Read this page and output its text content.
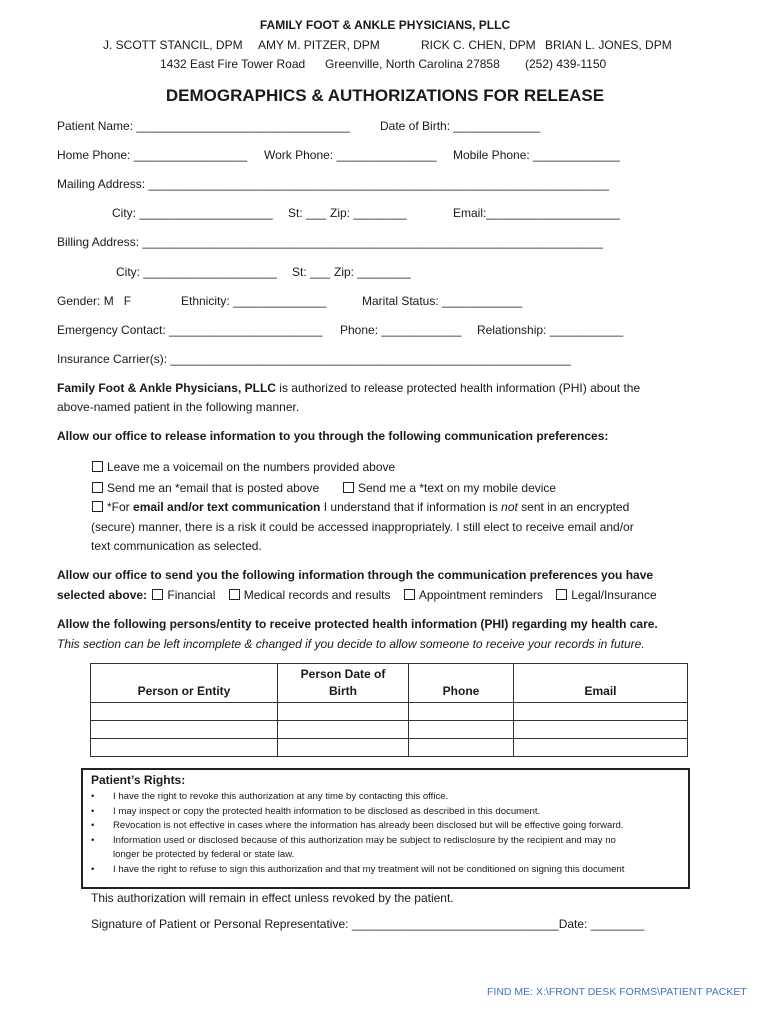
FAMILY FOOT & ANKLE PHYSICIANS, PLLC
J. SCOTT STANCIL, DPM AMY M. PITZER, DPM	RICK C. CHEN, DPM BRIAN L. JONES, DPM
1432 East Fire Tower Road Greenville, North Carolina 27858 (252) 439-1150
DEMOGRAPHICS & AUTHORIZATIONS FOR RELEASE
Patient Name: ________________________________	Date of Birth: _____________
Home Phone: _________________ Work Phone: _______________ Mobile Phone: _____________
Mailing Address: _____________________________________________________________________
City: ____________________ St: ___ Zip: ________	Email:____________________
Billing Address: _____________________________________________________________________
City: ____________________ St: ___ Zip: ________
Gender: M   F	Ethnicity: ______________	Marital Status: ____________
Emergency Contact: _______________________ Phone: ____________ Relationship: ___________
Insurance Carrier(s): ____________________________________________________________
Family Foot & Ankle Physicians, PLLC is authorized to release protected health information (PHI) about the
above-named patient in the following manner.
Allow our office to release information to you through the following communication preferences:
Leave me a voicemail on the numbers provided above
Send me an *email that is posted above	Send me a *text on my mobile device
*For email and/or text communication I understand that if information is not sent in an encrypted
(secure) manner, there is a risk it could be accessed inappropriately. I still elect to receive email and/or
text communication as selected.
Allow our office to send you the following information through the communication preferences you have
selected above: Financial Medical records and results Appointment reminders Legal/Insurance
Allow the following persons/entity to receive protected health information (PHI) regarding my health care.
This section can be left incomplete & changed if you decide to allow someone to receive your records in future.
Person or Entity	Person Date of Birth	Phone	Email

Patient’s Rights:
• I have the right to revoke this authorization at any time by contacting this office.
• I may inspect or copy the protected health information to be disclosed as described in this document.
• Revocation is not effective in cases where the information has already been disclosed but will be effective going forward.
• Information used or disclosed because of this authorization may be subject to redisclosure by the recipient and may no
longer be protected by federal or state law.
• I have the right to refuse to sign this authorization and that my treatment will not be conditioned on signing this document
This authorization will remain in effect unless revoked by the patient.
Signature of Patient or Personal Representative: _______________________________Date: ________
FIND ME: X:\FRONT DESK FORMS\PATIENT PACKET
